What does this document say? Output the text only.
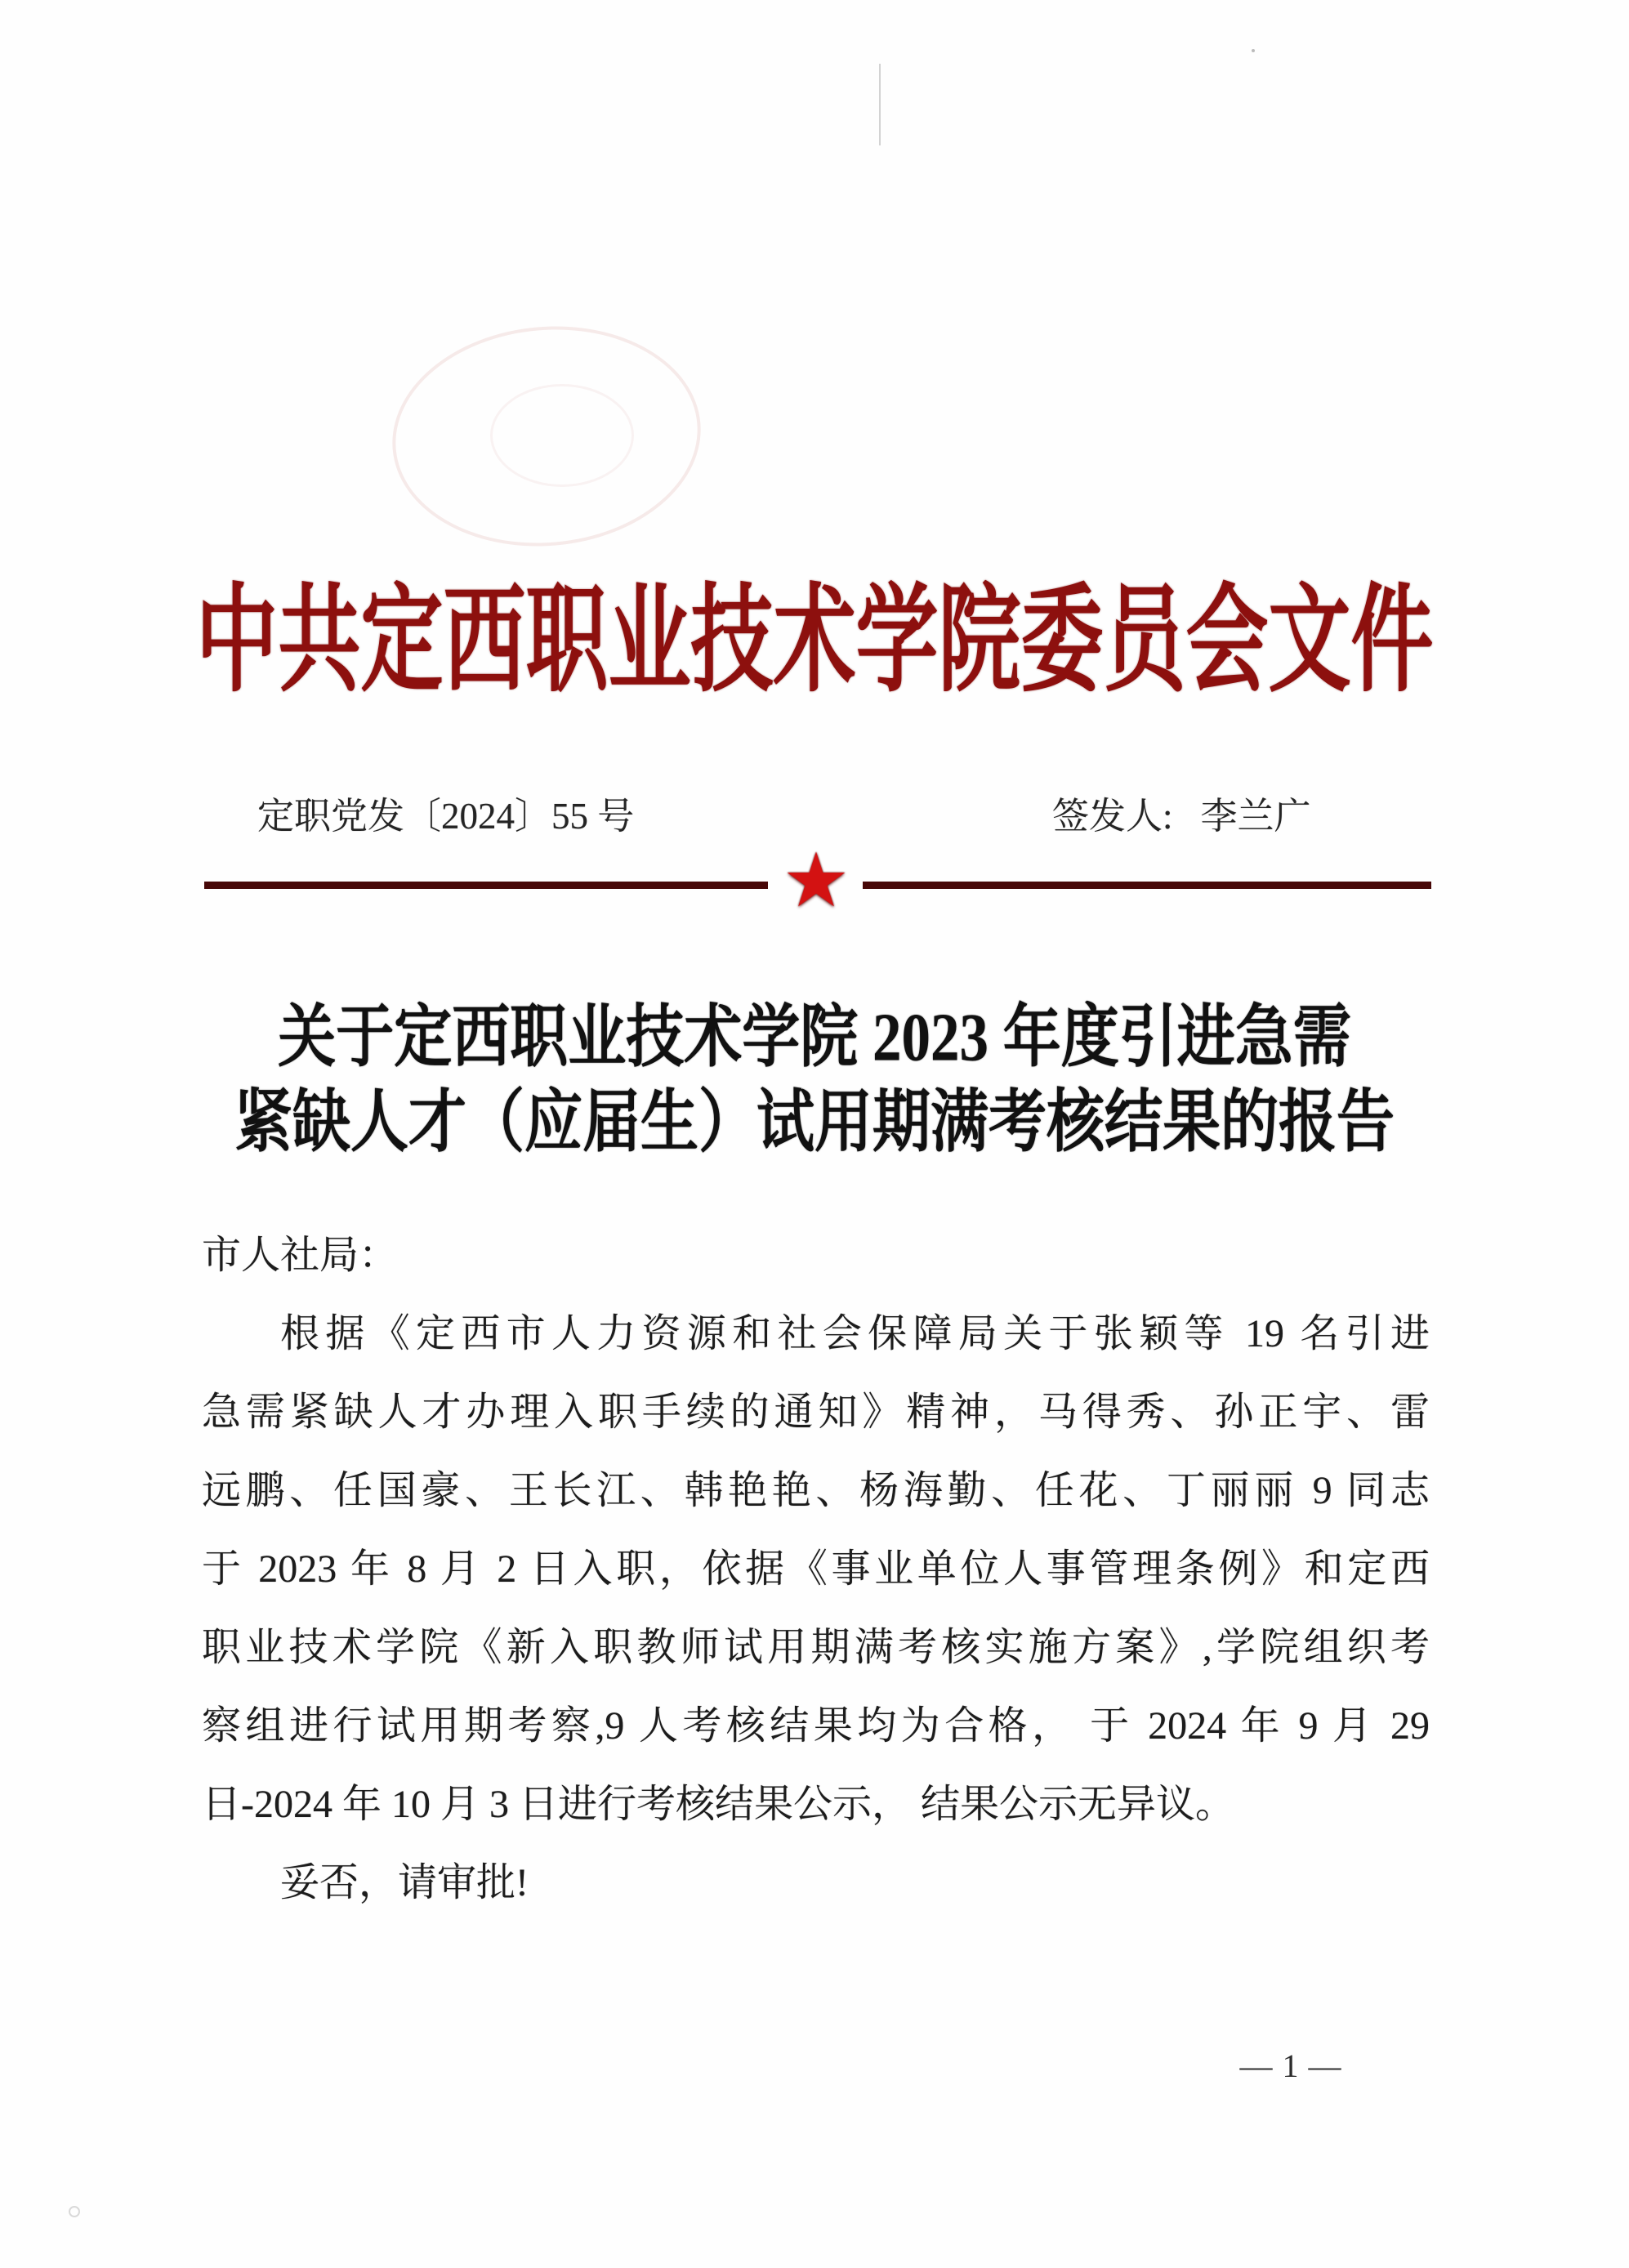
中共定西职业技术学院委员会文件
定职党发〔2024〕55 号	签发人: 李兰广
★
关于定西职业技术学院 2023 年度引进急需
紧缺人才（应届生）试用期满考核结果的报告
市人社局：
根据《定西市人力资源和社会保障局关于张颖等 19 名引进
急需紧缺人才办理入职手续的通知》精神，马得秀、孙正宇、雷
远鹏、任国豪、王长江、韩艳艳、杨海勤、任花、丁丽丽 9 同志
于 2023 年 8 月 2 日入职，依据《事业单位人事管理条例》和定西
职业技术学院《新入职教师试用期满考核实施方案》,学院组织考
察组进行试用期考察,9 人考核结果均为合格， 于 2024 年 9 月 29
日-2024 年 10 月 3 日进行考核结果公示， 结果公示无异议。
妥否，请审批!
— 1 —
